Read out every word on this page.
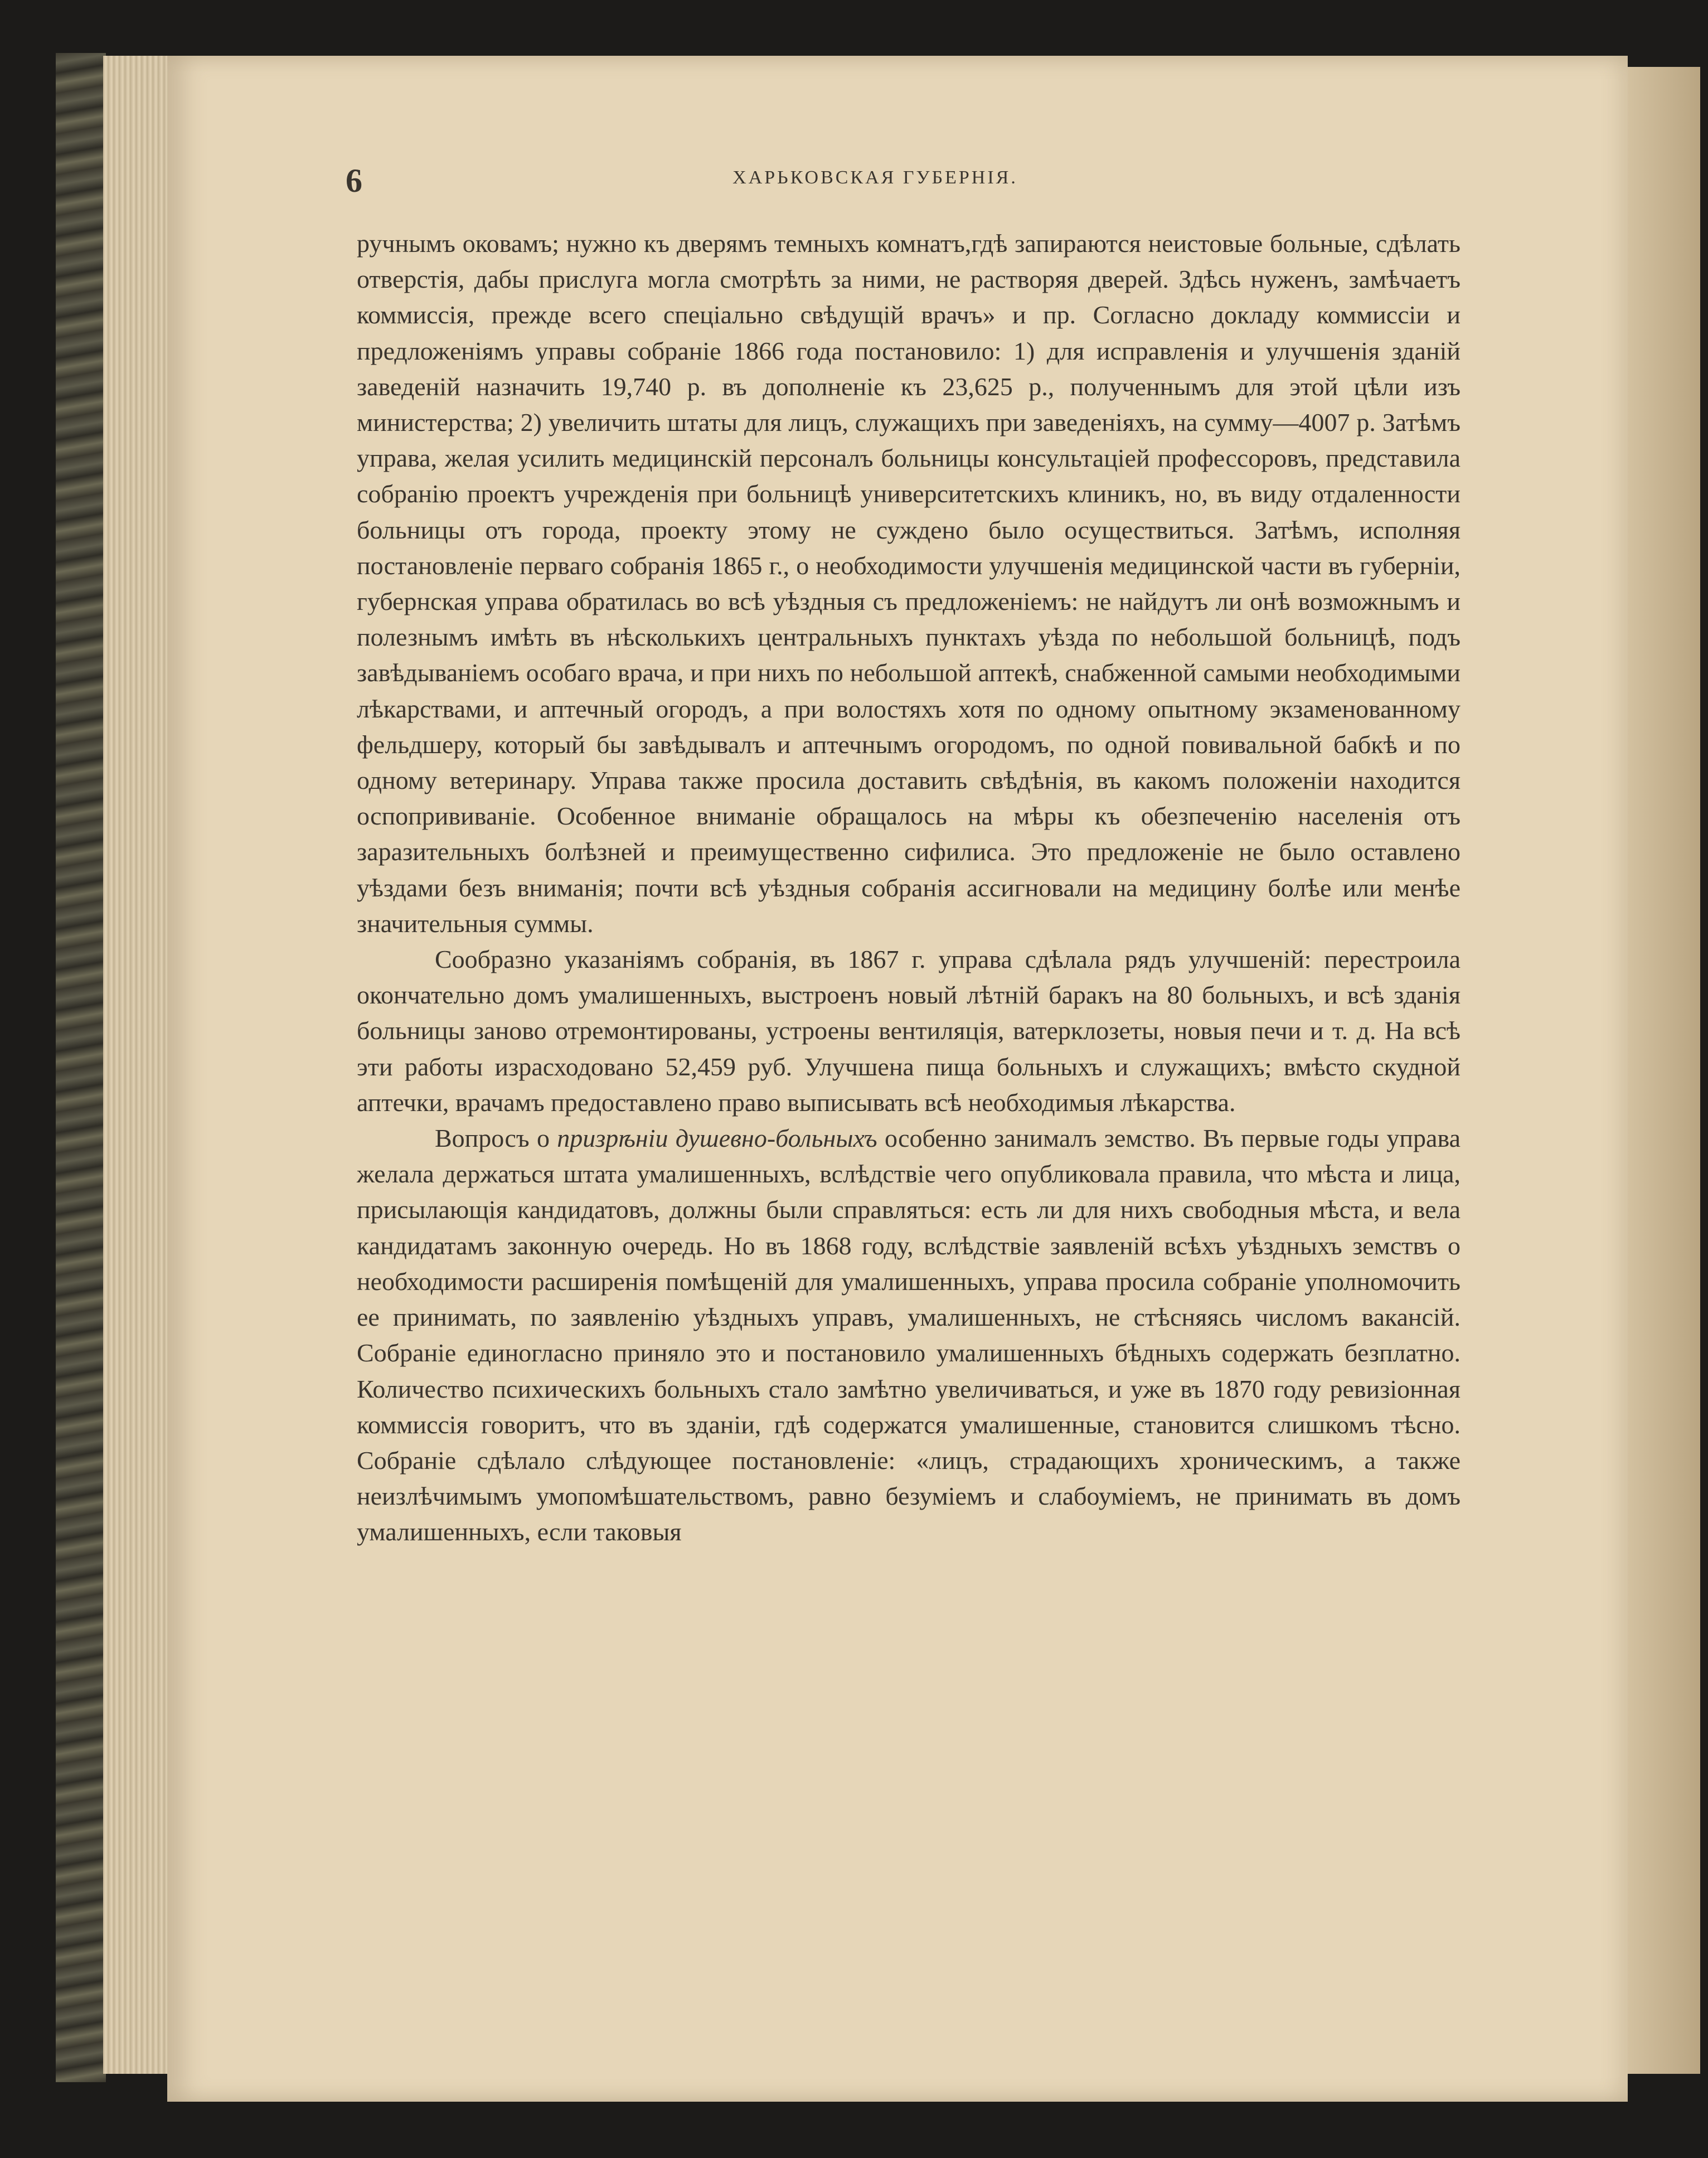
6	ХАРЬКОВСКАЯ ГУБЕРНІЯ.

ручнымъ оковамъ; нужно къ дверямъ темныхъ комнатъ,гдѣ запираются неистовые больные, сдѣлать отверстія, дабы прислуга могла смотрѣть за ними, не растворяя дверей. Здѣсь нуженъ, замѣчаетъ коммиссія, прежде всего спеціально свѣдущій врачъ» и пр. Согласно докладу коммиссіи и предложеніямъ управы собраніе 1866 года постановило: 1) для исправленія и улучшенія зданій заведеній назначить 19,740 р. въ дополненіе къ 23,625 р., полученнымъ для этой цѣли изъ министерства; 2) увеличить штаты для лицъ, служащихъ при заведеніяхъ, на сумму—4007 р. Затѣмъ управа, желая усилить медицинскій персоналъ больницы консультаціей профессоровъ, представила собранію проектъ учрежденія при больницѣ университетскихъ клиникъ, но, въ виду отдаленности больницы отъ города, проекту этому не суждено было осуществиться. Затѣмъ, исполняя постановленіе перваго собранія 1865 г., о необходимости улучшенія медицинской части въ губерніи, губернская управа обратилась во всѣ уѣздныя съ предложеніемъ: не найдутъ ли онѣ возможнымъ и полезнымъ имѣть въ нѣсколькихъ центральныхъ пунктахъ уѣзда по небольшой больницѣ, подъ завѣдываніемъ особаго врача, и при нихъ по небольшой аптекѣ, снабженной самыми необходимыми лѣкарствами, и аптечный огородъ, а при волостяхъ хотя по одному опытному экзаменованному фельдшеру, который бы завѣдывалъ и аптечнымъ огородомъ, по одной повивальной бабкѣ и по одному ветеринару. Управа также просила доставить свѣдѣнія, въ какомъ положеніи находится оспопрививаніе. Особенное вниманіе обращалось на мѣры къ обезпеченію населенія отъ заразительныхъ болѣзней и преимущественно сифилиса. Это предложеніе не было оставлено уѣздами безъ вниманія; почти всѣ уѣздныя собранія ассигновали на медицину болѣе или менѣе значительныя суммы.

Сообразно указаніямъ собранія, въ 1867 г. управа сдѣлала рядъ улучшеній: перестроила окончательно домъ умалишенныхъ, выстроенъ новый лѣтній баракъ на 80 больныхъ, и всѣ зданія больницы заново отремонтированы, устроены вентиляція, ватерклозеты, новыя печи и т. д. На всѣ эти работы израсходовано 52,459 руб. Улучшена пища больныхъ и служащихъ; вмѣсто скудной аптечки, врачамъ предоставлено право выписывать всѣ необходимыя лѣкарства.

Вопросъ о призрѣніи душевно-больныхъ особенно занималъ земство. Въ первые годы управа желала держаться штата умалишенныхъ, вслѣдствіе чего опубликовала правила, что мѣста и лица, присылающія кандидатовъ, должны были справляться: есть ли для нихъ свободныя мѣста, и вела кандидатамъ законную очередь. Но въ 1868 году, вслѣдствіе заявленій всѣхъ уѣздныхъ земствъ о необходимости расширенія помѣщеній для умалишенныхъ, управа просила собраніе уполномочить ее принимать, по заявленію уѣздныхъ управъ, умалишенныхъ, не стѣсняясь числомъ вакансій. Собраніе единогласно приняло это и постановило умалишенныхъ бѣдныхъ содержать безплатно. Количество психическихъ больныхъ стало замѣтно увеличиваться, и уже въ 1870 году ревизіонная коммиссія говоритъ, что въ зданіи, гдѣ содержатся умалишенные, становится слишкомъ тѣсно. Собраніе сдѣлало слѣдующее постановленіе: «лицъ, страдающихъ хроническимъ, а также неизлѣчимымъ умопомѣшательствомъ, равно безуміемъ и слабоуміемъ, не принимать въ домъ умалишенныхъ, если таковыя
